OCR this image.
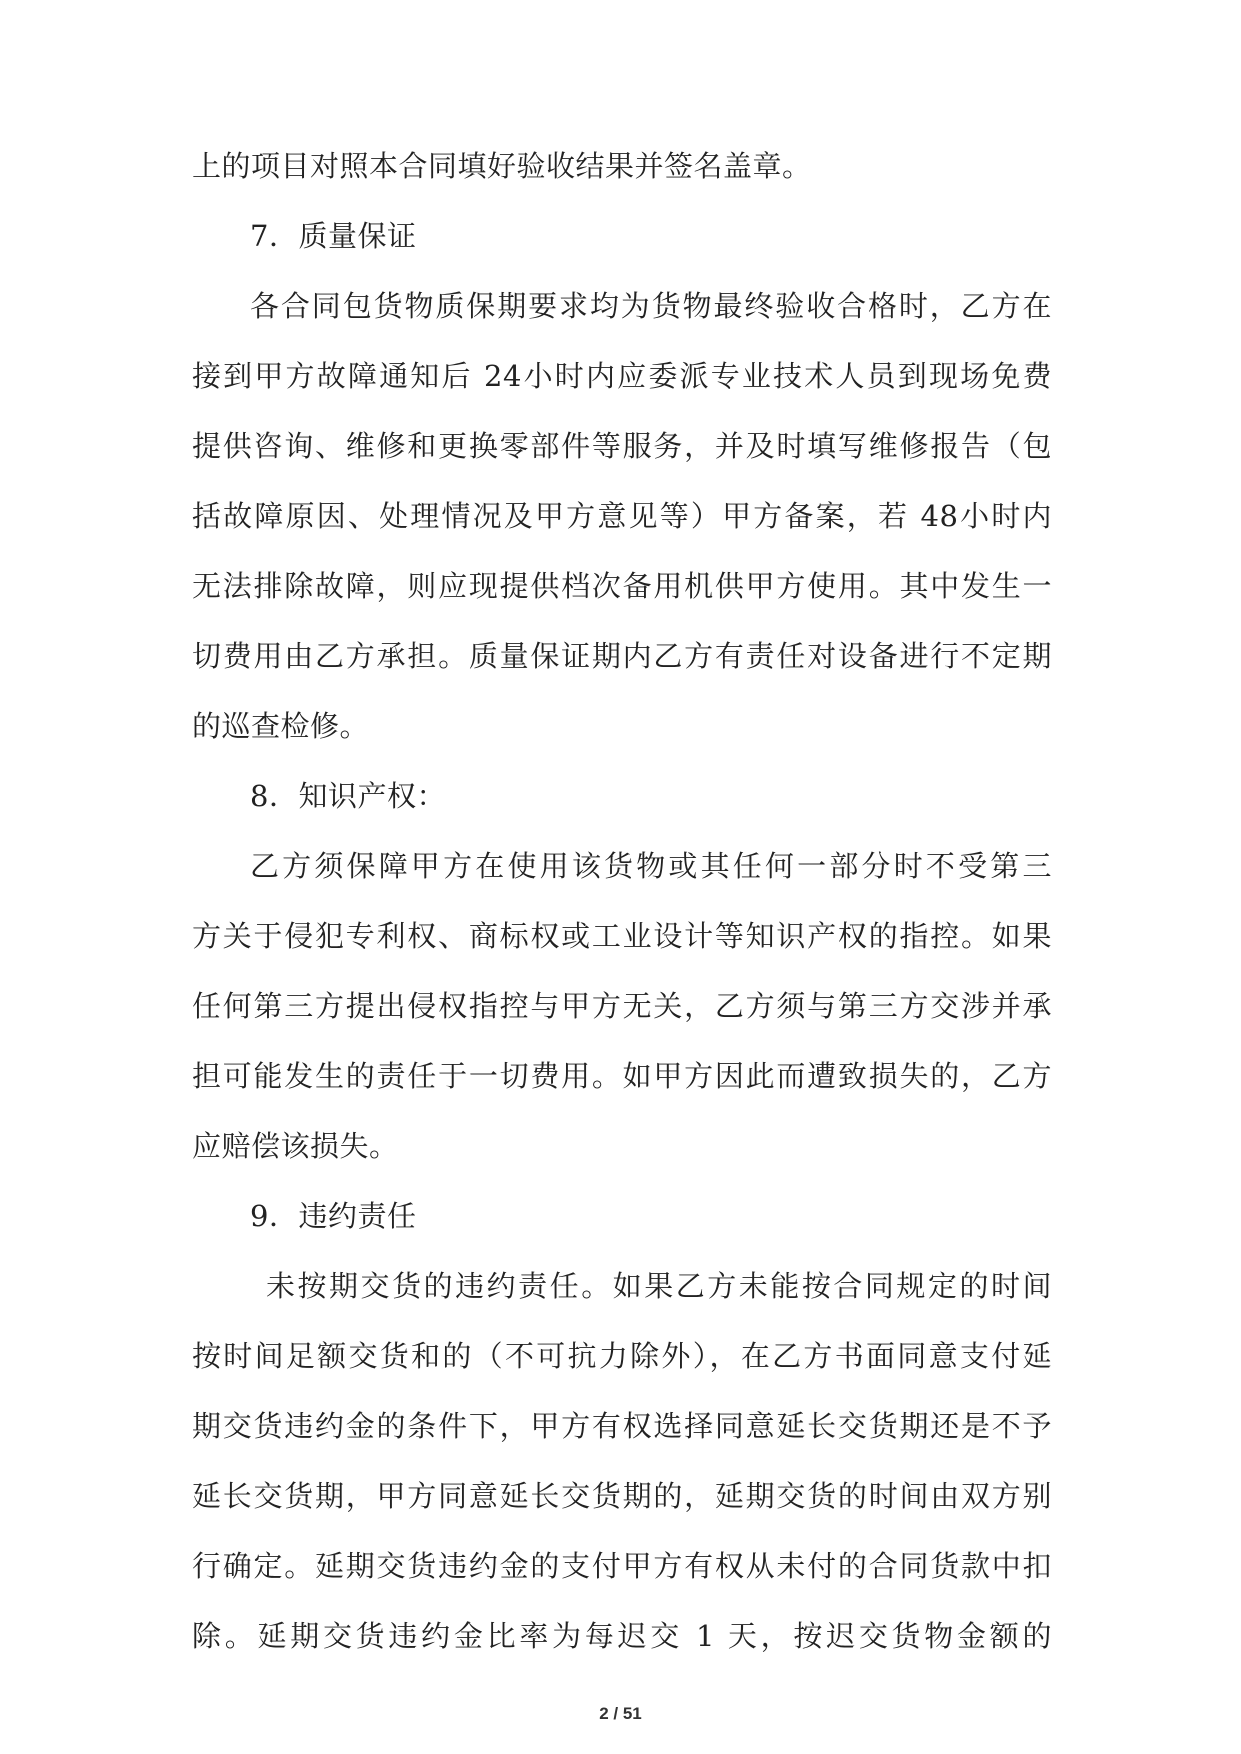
上的项目对照本合同填好验收结果并签名盖章。
7．质量保证
各合同包货物质保期要求均为货物最终验收合格时，乙方在
接到甲方故障通知后 24小时内应委派专业技术人员到现场免费
提供咨询、维修和更换零部件等服务，并及时填写维修报告（包
括故障原因、处理情况及甲方意见等）甲方备案，若 48小时内
无法排除故障，则应现提供档次备用机供甲方使用。其中发生一
切费用由乙方承担。质量保证期内乙方有责任对设备进行不定期
的巡查检修。
8．知识产权：
乙方须保障甲方在使用该货物或其任何一部分时不受第三
方关于侵犯专利权、商标权或工业设计等知识产权的指控。如果
任何第三方提出侵权指控与甲方无关，乙方须与第三方交涉并承
担可能发生的责任于一切费用。如甲方因此而遭致损失的，乙方
应赔偿该损失。
9．违约责任
未按期交货的违约责任。如果乙方未能按合同规定的时间
按时间足额交货和的（不可抗力除外），在乙方书面同意支付延
期交货违约金的条件下，甲方有权选择同意延长交货期还是不予
延长交货期，甲方同意延长交货期的，延期交货的时间由双方别
行确定。延期交货违约金的支付甲方有权从未付的合同货款中扣
除。延期交货违约金比率为每迟交 1 天，按迟交货物金额的
2 / 51
